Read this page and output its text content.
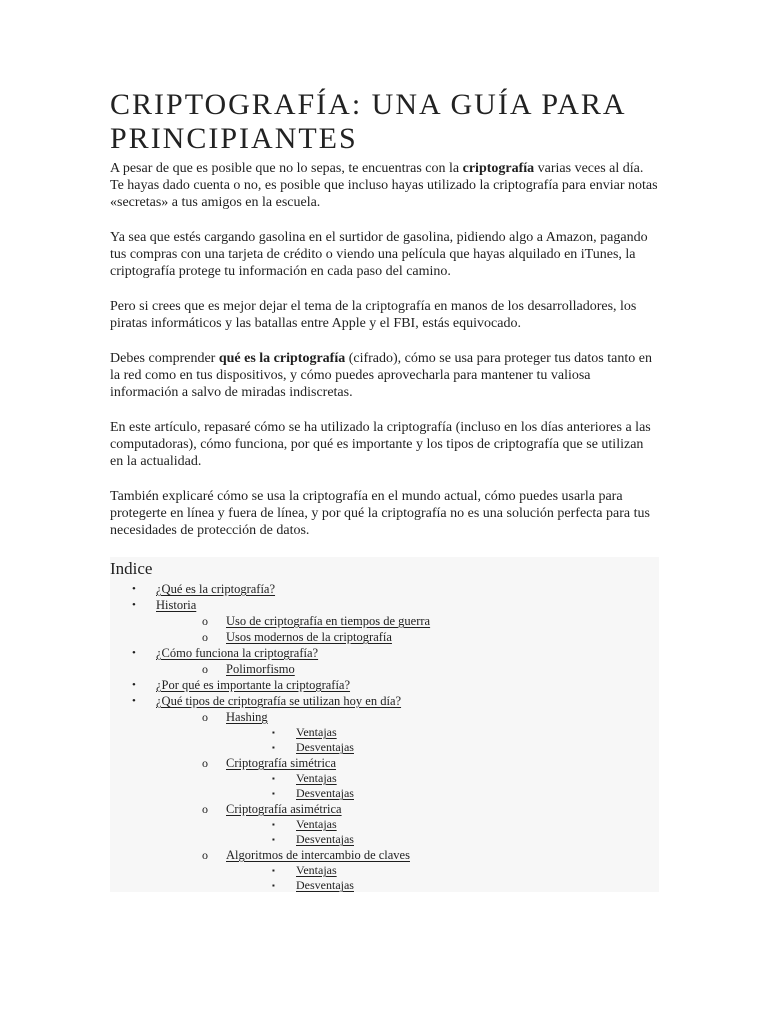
CRIPTOGRAFÍA: UNA GUÍA PARA PRINCIPIANTES

A pesar de que es posible que no lo sepas, te encuentras con la criptografía varias veces al día. Te hayas dado cuenta o no, es posible que incluso hayas utilizado la criptografía para enviar notas «secretas» a tus amigos en la escuela.

Ya sea que estés cargando gasolina en el surtidor de gasolina, pidiendo algo a Amazon, pagando tus compras con una tarjeta de crédito o viendo una película que hayas alquilado en iTunes, la criptografía protege tu información en cada paso del camino.

Pero si crees que es mejor dejar el tema de la criptografía en manos de los desarrolladores, los piratas informáticos y las batallas entre Apple y el FBI, estás equivocado.

Debes comprender qué es la criptografía (cifrado), cómo se usa para proteger tus datos tanto en la red como en tus dispositivos, y cómo puedes aprovecharla para mantener tu valiosa información a salvo de miradas indiscretas.

En este artículo, repasaré cómo se ha utilizado la criptografía (incluso en los días anteriores a las computadoras), cómo funciona, por qué es importante y los tipos de criptografía que se utilizan en la actualidad.

También explicaré cómo se usa la criptografía en el mundo actual, cómo puedes usarla para protegerte en línea y fuera de línea, y por qué la criptografía no es una solución perfecta para tus necesidades de protección de datos.

Indice
• ¿Qué es la criptografía?
• Historia
o Uso de criptografía en tiempos de guerra
o Usos modernos de la criptografía
• ¿Cómo funciona la criptografía?
o Polimorfismo
• ¿Por qué es importante la criptografía?
• ¿Qué tipos de criptografía se utilizan hoy en día?
o Hashing
▪ Ventajas
▪ Desventajas
o Criptografía simétrica
▪ Ventajas
▪ Desventajas
o Criptografía asimétrica
▪ Ventajas
▪ Desventajas
o Algoritmos de intercambio de claves
▪ Ventajas
▪ Desventajas
